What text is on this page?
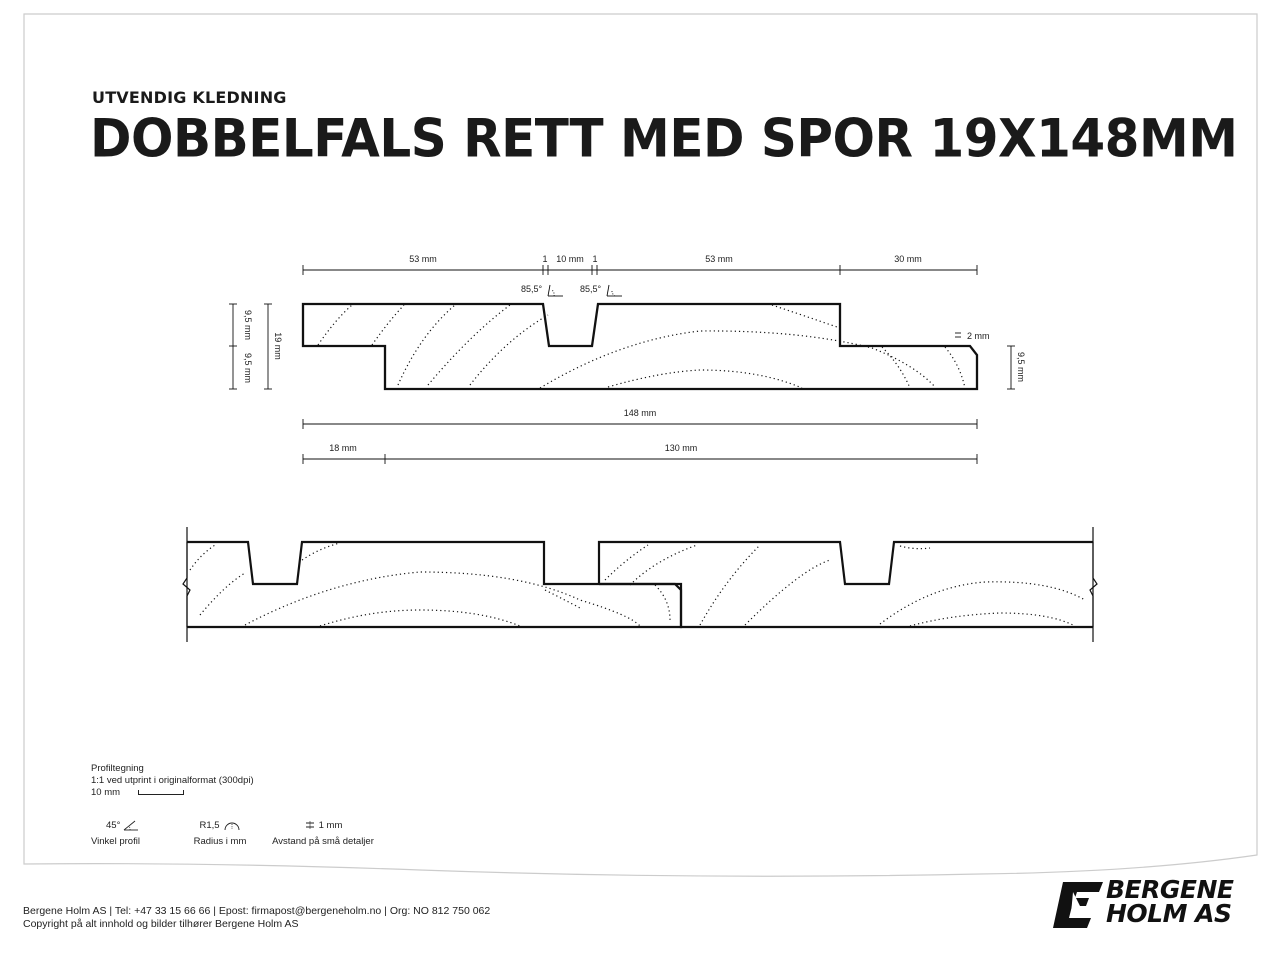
53 mm	1 10 mm 1	53 mm	30 mm
85,5°	85,5°
9,5 mm
9,5 mm
19 mm	2 mm
9,5 mm
148 mm
18 mm	130 mm
UTVENDIG KLEDNING
DOBBELFALS RETT MED SPOR 19X148MM
Profiltegning
1:1 ved utprint i originalformat (300dpi)
10 mm
45°
Vinkel profil
R1,5
Radius i mm
1 mm
Avstand på små detaljer
Bergene Holm AS | Tel: +47 33 15 66 66 | Epost: firmapost@bergeneholm.no | Org: NO 812 750 062
Copyright på alt innhold og bilder tilhører Bergene Holm AS
BERGENE
HOLM AS
